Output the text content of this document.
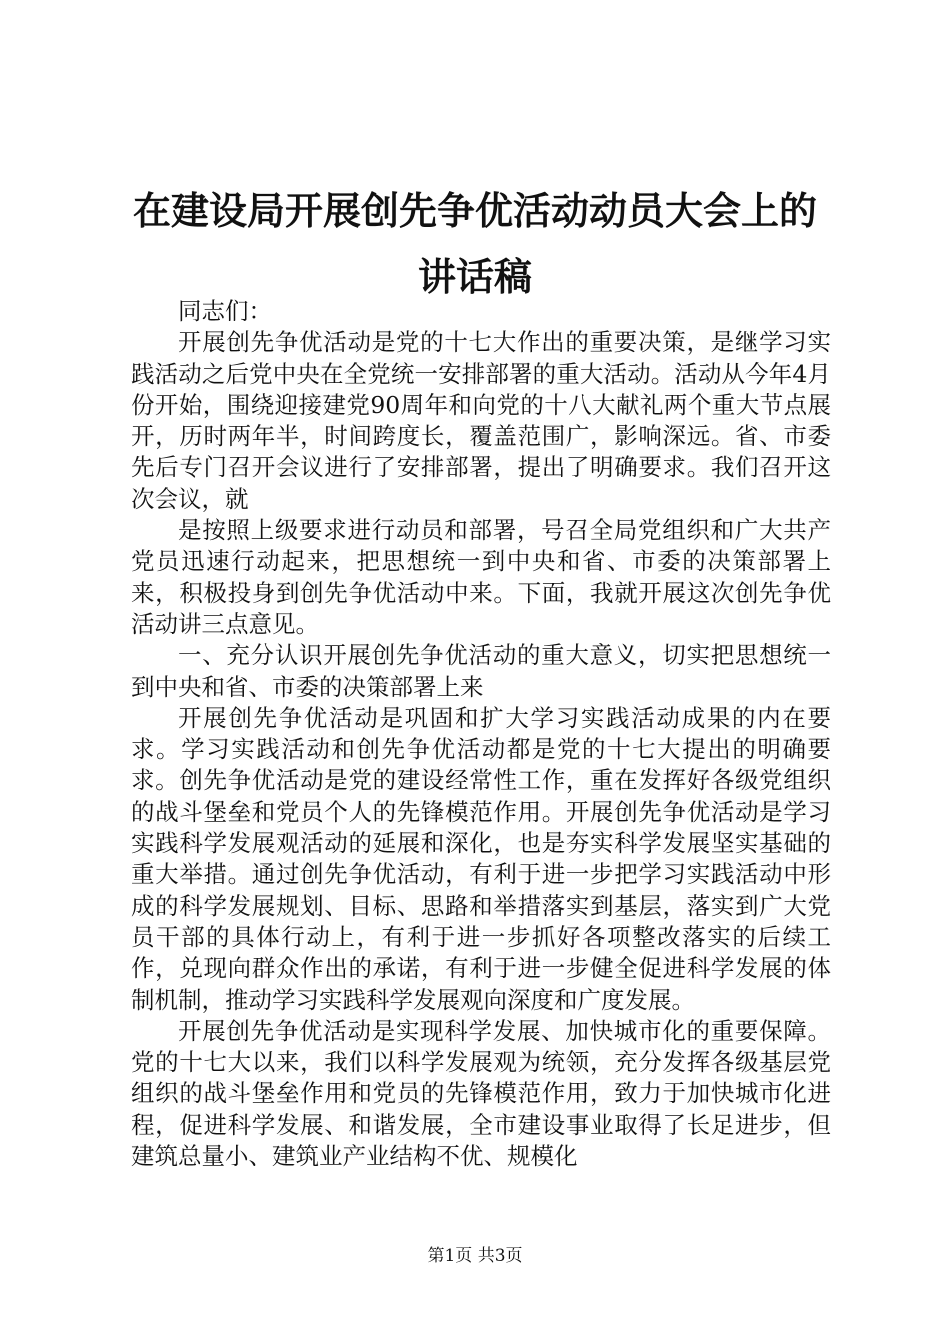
在建设局开展创先争优活动动员大会上的讲话稿

同志们：

开展创先争优活动是党的十七大作出的重要决策，是继学习实践活动之后党中央在全党统一安排部署的重大活动。活动从今年4月份开始，围绕迎接建党90周年和向党的十八大献礼两个重大节点展开，历时两年半，时间跨度长，覆盖范围广，影响深远。省、市委先后专门召开会议进行了安排部署，提出了明确要求。我们召开这次会议，就

是按照上级要求进行动员和部署，号召全局党组织和广大共产党员迅速行动起来，把思想统一到中央和省、市委的决策部署上来，积极投身到创先争优活动中来。下面，我就开展这次创先争优活动讲三点意见。

一、充分认识开展创先争优活动的重大意义，切实把思想统一到中央和省、市委的决策部署上来

开展创先争优活动是巩固和扩大学习实践活动成果的内在要求。学习实践活动和创先争优活动都是党的十七大提出的明确要求。创先争优活动是党的建设经常性工作，重在发挥好各级党组织的战斗堡垒和党员个人的先锋模范作用。开展创先争优活动是学习实践科学发展观活动的延展和深化，也是夯实科学发展坚实基础的重大举措。通过创先争优活动，有利于进一步把学习实践活动中形成的科学发展规划、目标、思路和举措落实到基层，落实到广大党员干部的具体行动上，有利于进一步抓好各项整改落实的后续工作，兑现向群众作出的承诺，有利于进一步健全促进科学发展的体制机制，推动学习实践科学发展观向深度和广度发展。

开展创先争优活动是实现科学发展、加快城市化的重要保障。党的十七大以来，我们以科学发展观为统领，充分发挥各级基层党组织的战斗堡垒作用和党员的先锋模范作用，致力于加快城市化进程，促进科学发展、和谐发展，全市建设事业取得了长足进步，但建筑总量小、建筑业产业结构不优、规模化

第1页 共3页
